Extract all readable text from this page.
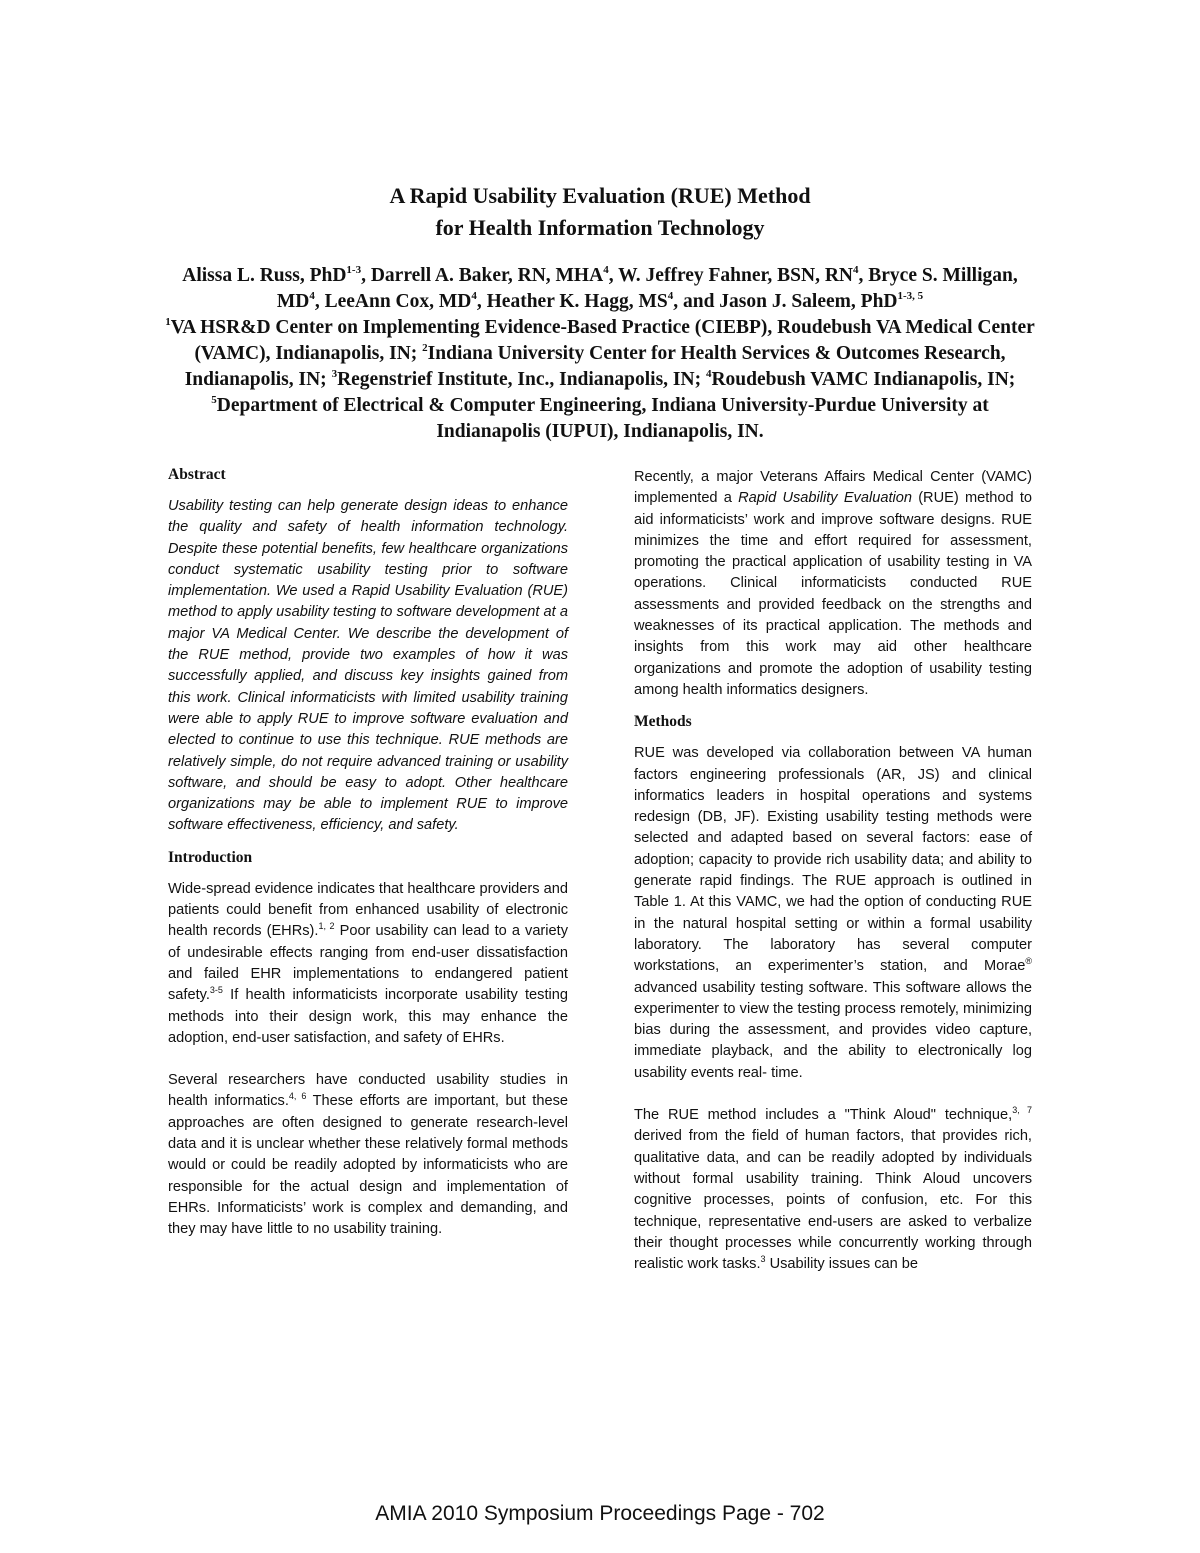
A Rapid Usability Evaluation (RUE) Method
for Health Information Technology
Alissa L. Russ, PhD$^{1-3}$, Darrell A. Baker, RN, MHA$^4$, W. Jeffrey Fahner, BSN, $RN^4$, Bryce S. Milligan, $MD^4$, LeeAnn Cox, $MD^4$, Heather K. Hagg, $MS^4$, and Jason J. Saleem, PhD$^{1-3, 5}$
$^1$VA HSR&D Center on Implementing Evidence-Based Practice (CIEBP), Roudebush VA Medical Center (VAMC), Indianapolis, IN; $^2$Indiana University Center for Health Services & Outcomes Research, Indianapolis, IN; $^3$Regenstrief Institute, Inc., Indianapolis, IN; $^4$Roudebush VAMC Indianapolis, IN; $^5$Department of Electrical & Computer Engineering, Indiana University-Purdue University at Indianapolis (IUPUI), Indianapolis, IN.
Abstract

Usability testing can help generate design ideas to enhance the quality and safety of health information technology. Despite these potential benefits, few healthcare organizations conduct systematic usability testing prior to software implementation. We used a Rapid Usability Evaluation (RUE) method to apply usability testing to software development at a major VA Medical Center. We describe the development of the RUE method, provide two examples of how it was successfully applied, and discuss key insights gained from this work. Clinical informaticists with limited usability training were able to apply RUE to improve software evaluation and elected to continue to use this technique. RUE methods are relatively simple, do not require advanced training or usability software, and should be easy to adopt. Other healthcare organizations may be able to implement RUE to improve software effectiveness, efficiency, and safety.

Introduction

Wide-spread evidence indicates that healthcare providers and patients could benefit from enhanced usability of electronic health records (EHRs).$^{1, 2}$ Poor usability can lead to a variety of undesirable effects ranging from end-user dissatisfaction and failed EHR implementations to endangered patient safety.$^{3-5}$ If health informaticists incorporate usability testing methods into their design work, this may enhance the adoption, end-user satisfaction, and safety of EHRs.

Several researchers have conducted usability studies in health informatics.$^{4, 6}$ These efforts are important, but these approaches are often designed to generate research-level data and it is unclear whether these relatively formal methods would or could be readily adopted by informaticists who are responsible for the actual design and implementation of EHRs. Informaticists’ work is complex and demanding, and they may have little to no usability training.

Recently, a major Veterans Affairs Medical Center (VAMC) implemented a Rapid Usability Evaluation (RUE) method to aid informaticists’ work and improve software designs. RUE minimizes the time and effort required for assessment, promoting the practical application of usability testing in VA operations. Clinical informaticists conducted RUE assessments and provided feedback on the strengths and weaknesses of its practical application. The methods and insights from this work may aid other healthcare organizations and promote the adoption of usability testing among health informatics designers.

Methods

RUE was developed via collaboration between VA human factors engineering professionals (AR, JS) and clinical informatics leaders in hospital operations and systems redesign (DB, JF). Existing usability testing methods were selected and adapted based on several factors: ease of adoption; capacity to provide rich usability data; and ability to generate rapid findings. The RUE approach is outlined in Table 1. At this VAMC, we had the option of conducting RUE in the natural hospital setting or within a formal usability laboratory. The laboratory has several computer workstations, an experimenter’s station, and Morae® advanced usability testing software. This software allows the experimenter to view the testing process remotely, minimizing bias during the assessment, and provides video capture, immediate playback, and the ability to electronically log usability events real- time.

The RUE method includes a "Think Aloud" technique,$^{3, 7}$ derived from the field of human factors, that provides rich, qualitative data, and can be readily adopted by individuals without formal usability training. Think Aloud uncovers cognitive processes, points of confusion, etc. For this technique, representative end-users are asked to verbalize their thought processes while concurrently working through realistic work tasks.$^3$ Usability issues can be

AMIA 2010 Symposium Proceedings Page - 702
